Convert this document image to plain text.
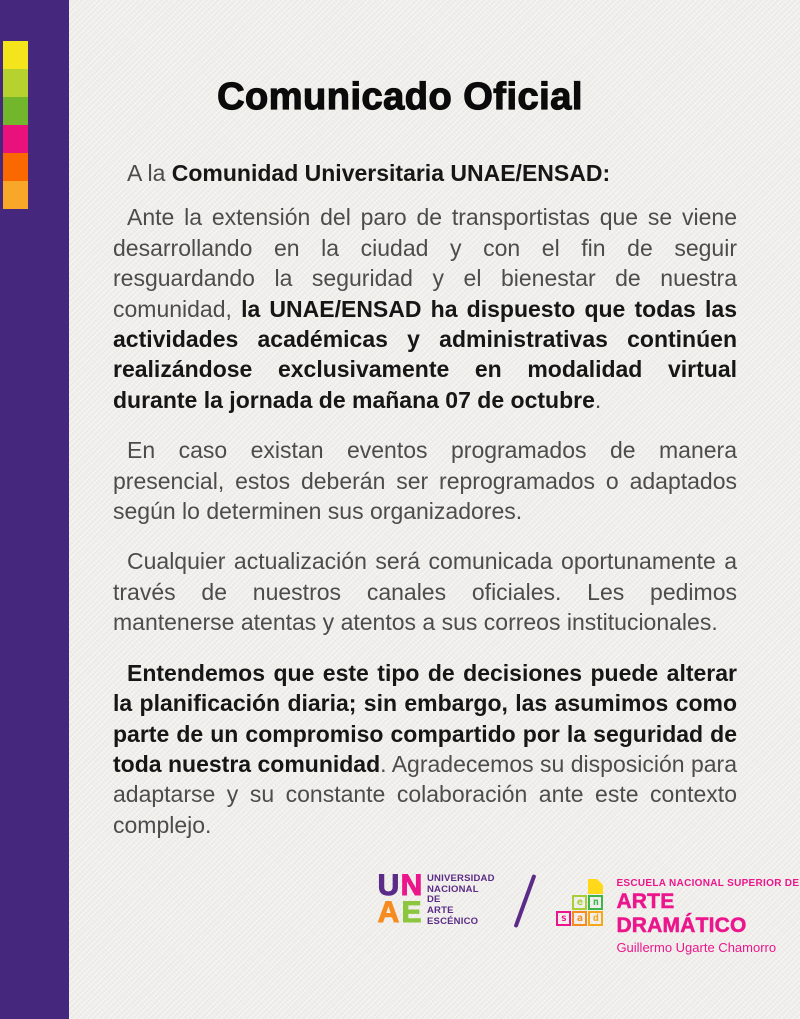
Comunicado Oficial
A la Comunidad Universitaria UNAE/ENSAD:

Ante la extensión del paro de transportistas que se viene desarrollando en la ciudad y con el fin de seguir resguardando la seguridad y el bienestar de nuestra comunidad, la UNAE/ENSAD ha dispuesto que todas las actividades académicas y administrativas continúen realizándose exclusivamente en modalidad virtual durante la jornada de mañana 07 de octubre.

En caso existan eventos programados de manera presencial, estos deberán ser reprogramados o adaptados según lo determinen sus organizadores.

Cualquier actualización será comunicada oportunamente a través de nuestros canales oficiales. Les pedimos mantenerse atentas y atentos a sus correos institucionales.

Entendemos que este tipo de decisiones puede alterar la planificación diaria; sin embargo, las asumimos como parte de un compromiso compartido por la seguridad de toda nuestra comunidad. Agradecemos su disposición para adaptarse y su constante colaboración ante este contexto complejo.

U N
A E
UNIVERSIDAD
NACIONAL
DE
ARTE
ESCÉNICO
e n
s a d
ESCUELA NACIONAL SUPERIOR DE
ARTE DRAMÁTICO
Guillermo Ugarte Chamorro
